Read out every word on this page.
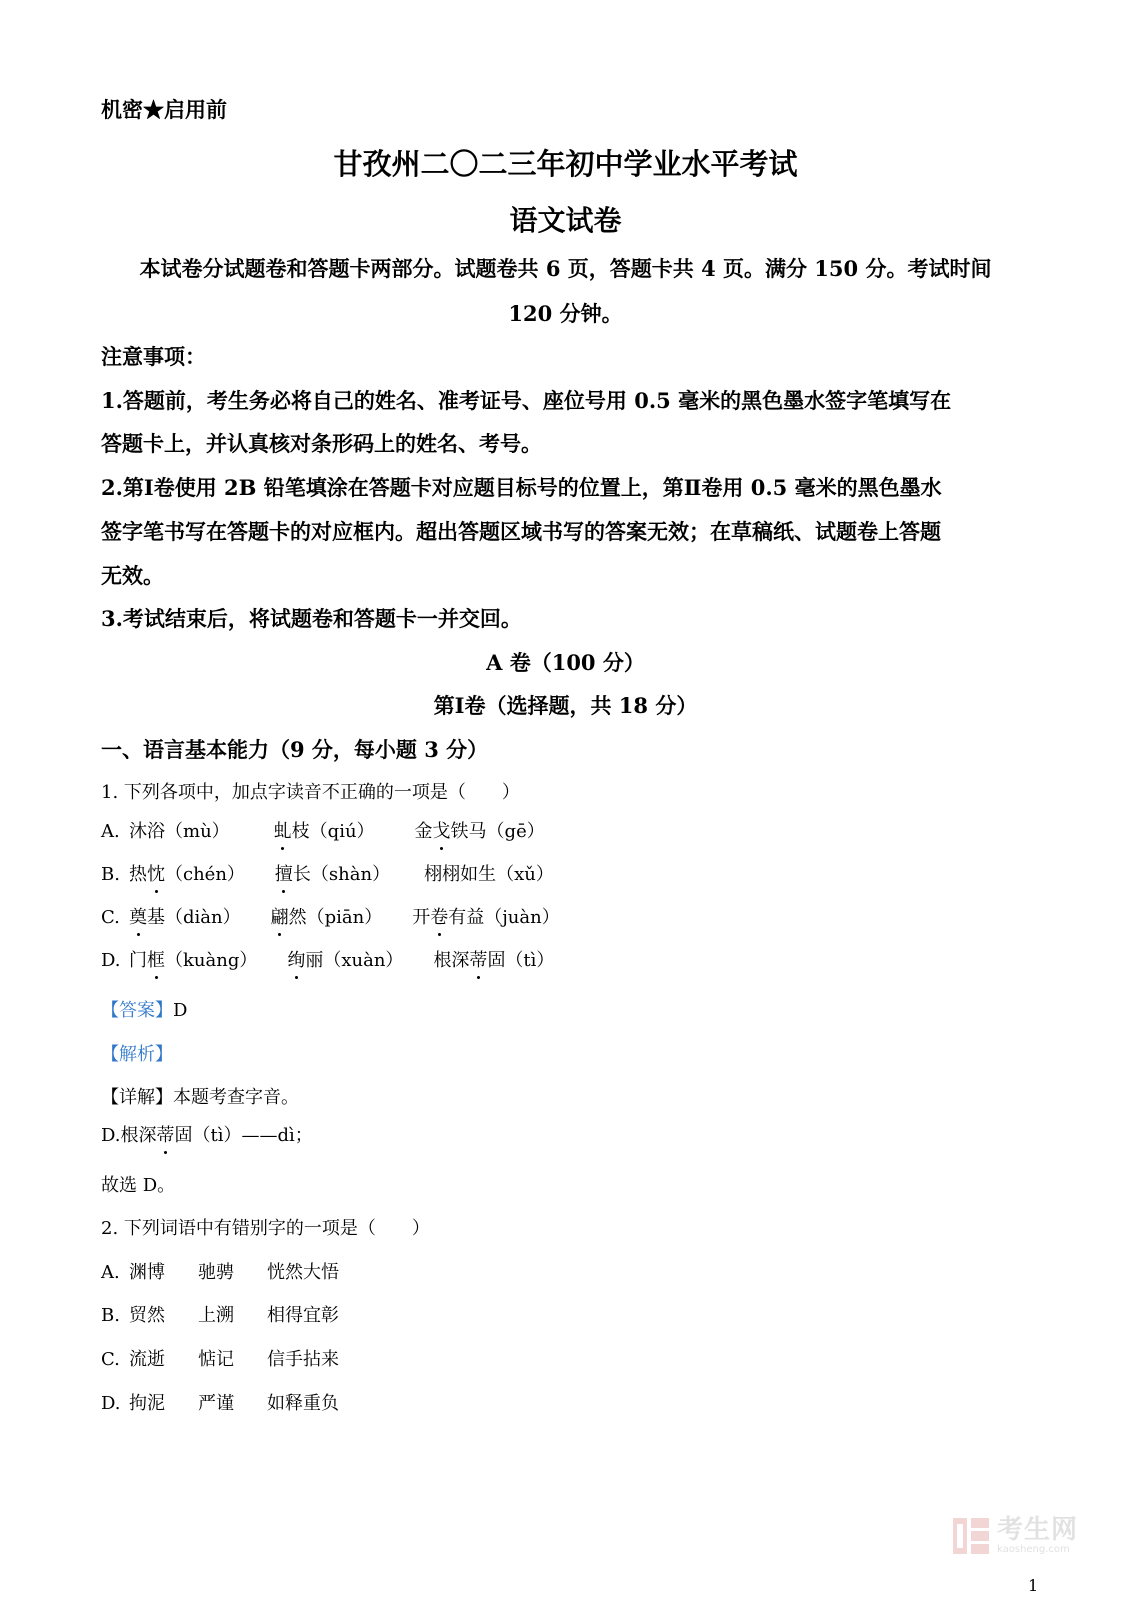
机密★启用前
甘孜州二〇二三年初中学业水平考试
语文试卷
本试卷分试题卷和答题卡两部分。试题卷共 6 页，答题卡共 4 页。满分 150 分。考试时间
120 分钟。
注意事项：
1.答题前，考生务必将自己的姓名、准考证号、座位号用 0.5 毫米的黑色墨水签字笔填写在
答题卡上，并认真核对条形码上的姓名、考号。
2.第Ⅰ卷使用 2B 铅笔填涂在答题卡对应题目标号的位置上，第Ⅱ卷用 0.5 毫米的黑色墨水
签字笔书写在答题卡的对应框内。超出答题区域书写的答案无效；在草稿纸、试题卷上答题
无效。
3.考试结束后，将试题卷和答题卡一并交回。
A 卷（100 分）
第Ⅰ卷（选择题，共 18 分）
一、语言基本能力（9 分，每小题 3 分）
1. 下列各项中，加点字读音不正确的一项是（　　）
A. 沐浴（mù） 虬枝（qiú） 金戈铁马（gē）
B. 热忱（chén） 擅长（shàn） 栩栩如生（xǔ）
C. 奠基（diàn） 翩然（piān） 开卷有益（juàn）
D. 门框（kuàng） 绚丽（xuàn） 根深蒂固（tì）
【答案】D
【解析】
【详解】本题考查字音。
D.根深蒂固（tì）——dì；
故选 D。
2. 下列词语中有错别字的一项是（　　）
A. 渊博 驰骋 恍然大悟
B. 贸然 上溯 相得宜彰
C. 流逝 惦记 信手拈来
D. 拘泥 严谨 如释重负
考生网
kaosheng.com
1
